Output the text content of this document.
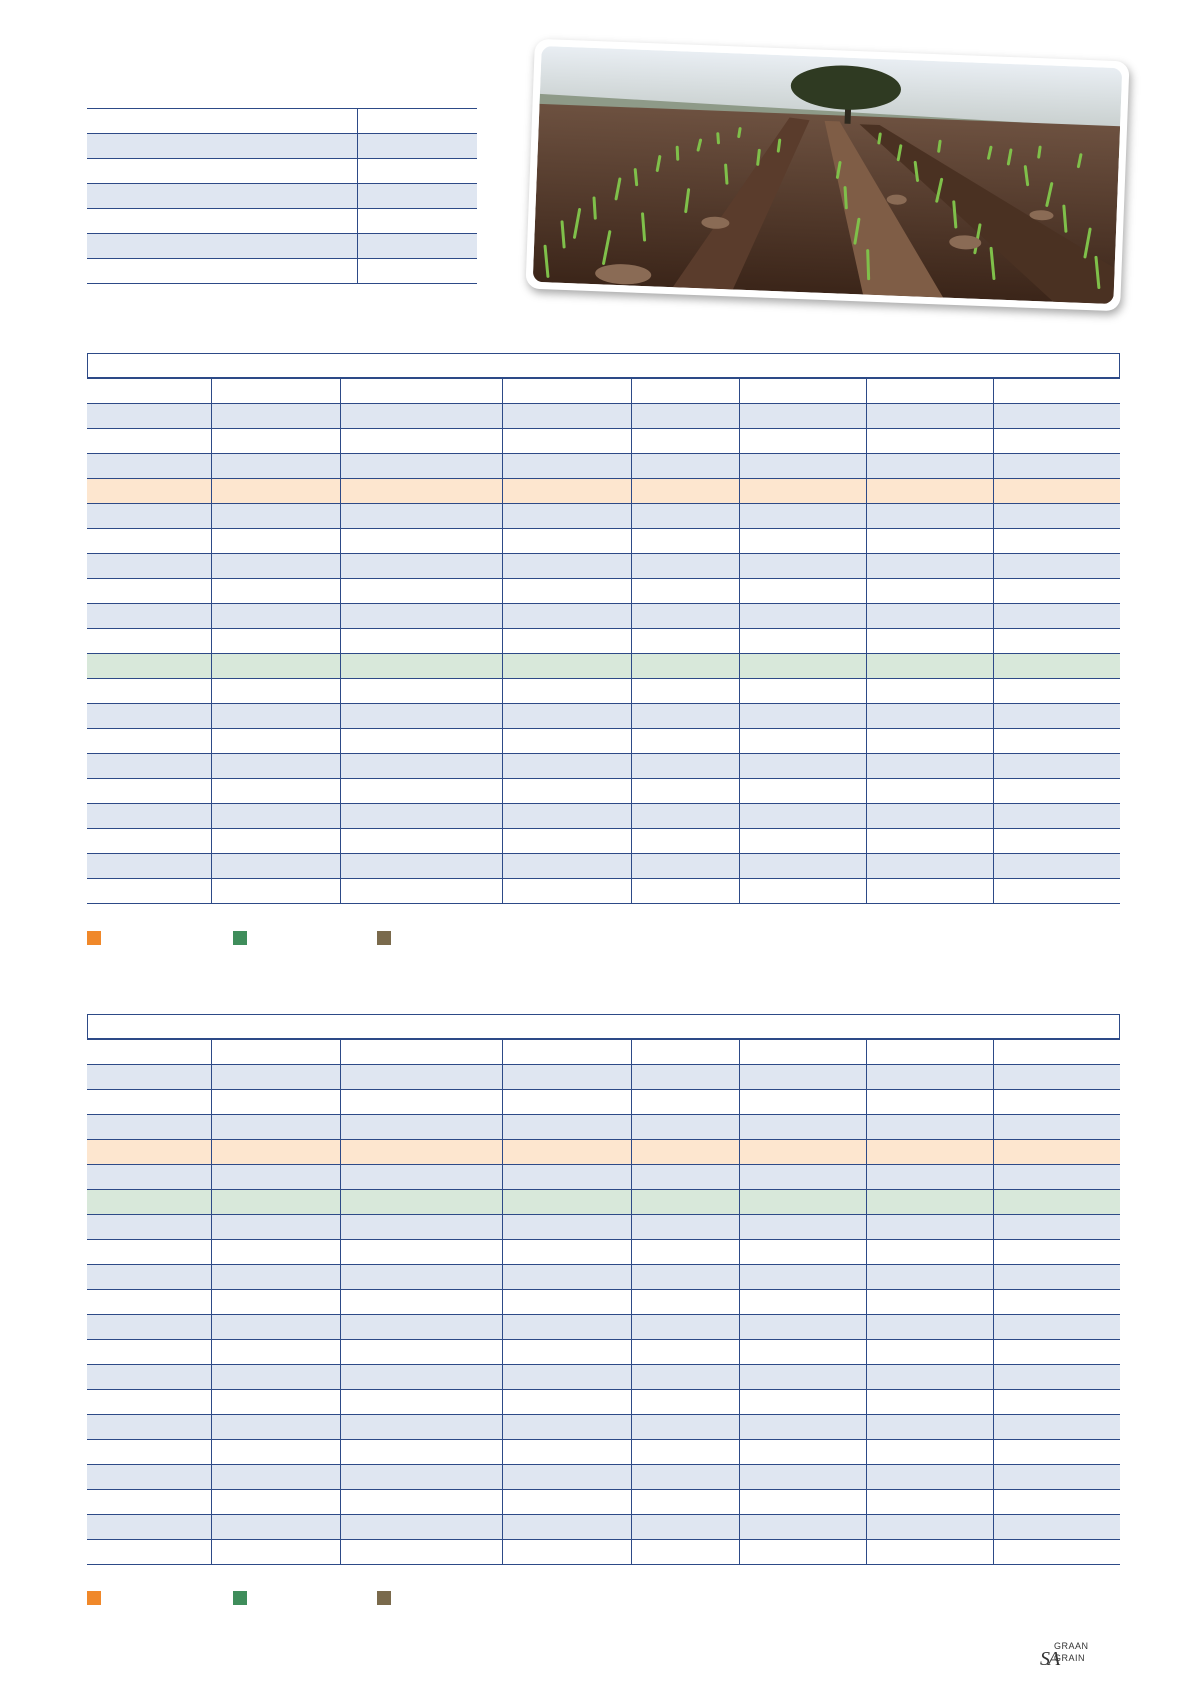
SA
GRAAN
GRAIN
